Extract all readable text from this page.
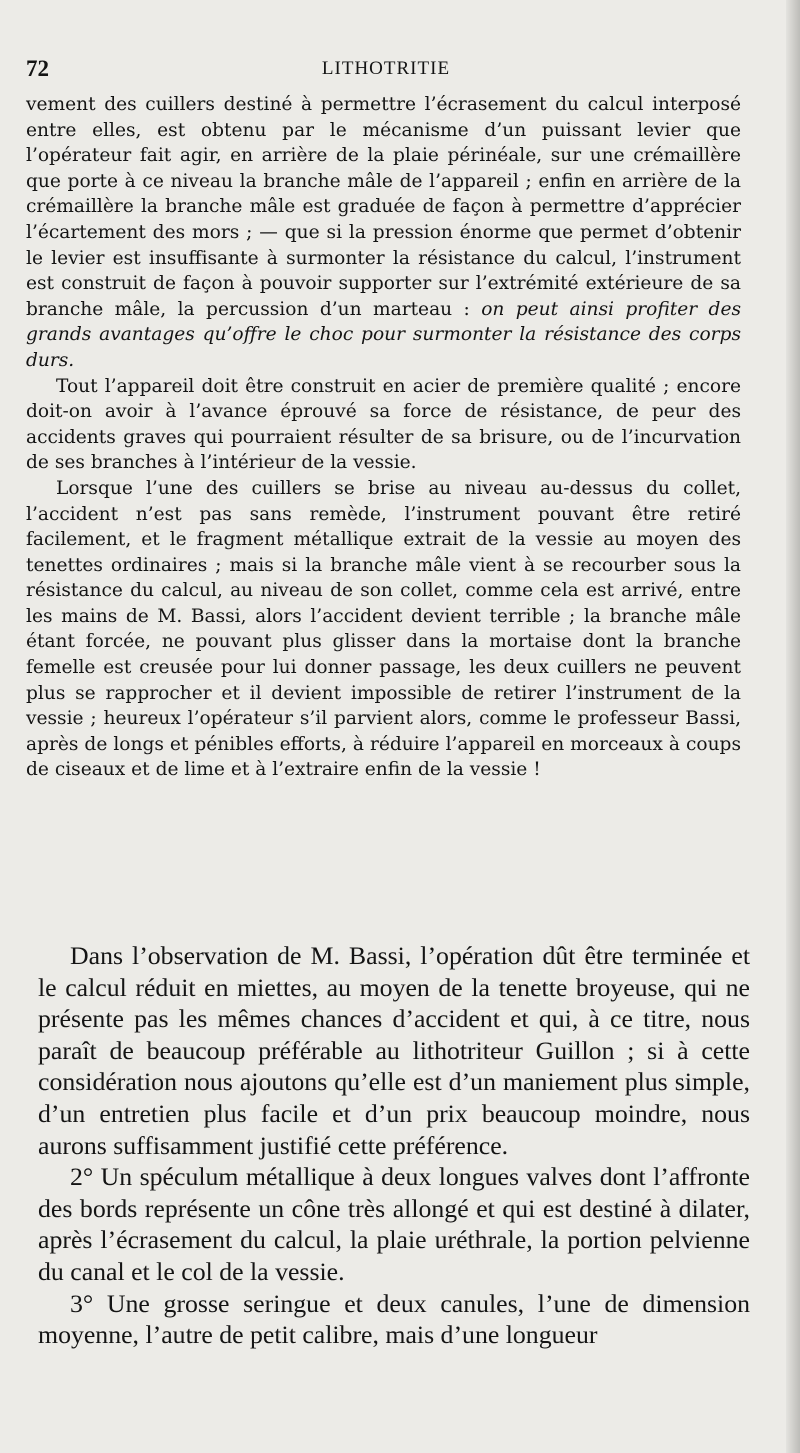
72	LITHOTRITIE

vement des cuillers destiné à permettre l’écrasement du calcul interposé entre elles, est obtenu par le mécanisme d’un puissant levier que l’opérateur fait agir, en arrière de la plaie périnéale, sur une crémaillère que porte à ce niveau la branche mâle de l’appareil ; enfin en arrière de la crémaillère la branche mâle est graduée de façon à permettre d’apprécier l’écartement des mors ; — que si la pression énorme que permet d’obtenir le levier est insuffisante à surmonter la résistance du calcul, l’instrument est construit de façon à pouvoir supporter sur l’extrémité extérieure de sa branche mâle, la percussion d’un marteau : on peut ainsi profiter des grands avantages qu’offre le choc pour surmonter la résistance des corps durs.

Tout l’appareil doit être construit en acier de première qualité ; encore doit-on avoir à l’avance éprouvé sa force de résistance, de peur des accidents graves qui pourraient résulter de sa brisure, ou de l’incurvation de ses branches à l’intérieur de la vessie.

Lorsque l’une des cuillers se brise au niveau au-dessus du collet, l’accident n’est pas sans remède, l’instrument pouvant être retiré facilement, et le fragment métallique extrait de la vessie au moyen des tenettes ordinaires ; mais si la branche mâle vient à se recourber sous la résistance du calcul, au niveau de son collet, comme cela est arrivé, entre les mains de M. Bassi, alors l’accident devient terrible ; la branche mâle étant forcée, ne pouvant plus glisser dans la mortaise dont la branche femelle est creusée pour lui donner passage, les deux cuillers ne peuvent plus se rapprocher et il devient impossible de retirer l’instrument de la vessie ; heureux l’opérateur s’il parvient alors, comme le professeur Bassi, après de longs et pénibles efforts, à réduire l’appareil en morceaux à coups de ciseaux et de lime et à l’extraire enfin de la vessie !

Dans l’observation de M. Bassi, l’opération dût être terminée et le calcul réduit en miettes, au moyen de la tenette broyeuse, qui ne présente pas les mêmes chances d’accident et qui, à ce titre, nous paraît de beaucoup préférable au lithotriteur Guillon ; si à cette considération nous ajoutons qu’elle est d’un maniement plus simple, d’un entretien plus facile et d’un prix beaucoup moindre, nous aurons suffisamment justifié cette préférence.

2° Un spéculum métallique à deux longues valves dont l’affronte des bords représente un cône très allongé et qui est destiné à dilater, après l’écrasement du calcul, la plaie uréthrale, la portion pelvienne du canal et le col de la vessie.

3° Une grosse seringue et deux canules, l’une de dimension moyenne, l’autre de petit calibre, mais d’une longueur
